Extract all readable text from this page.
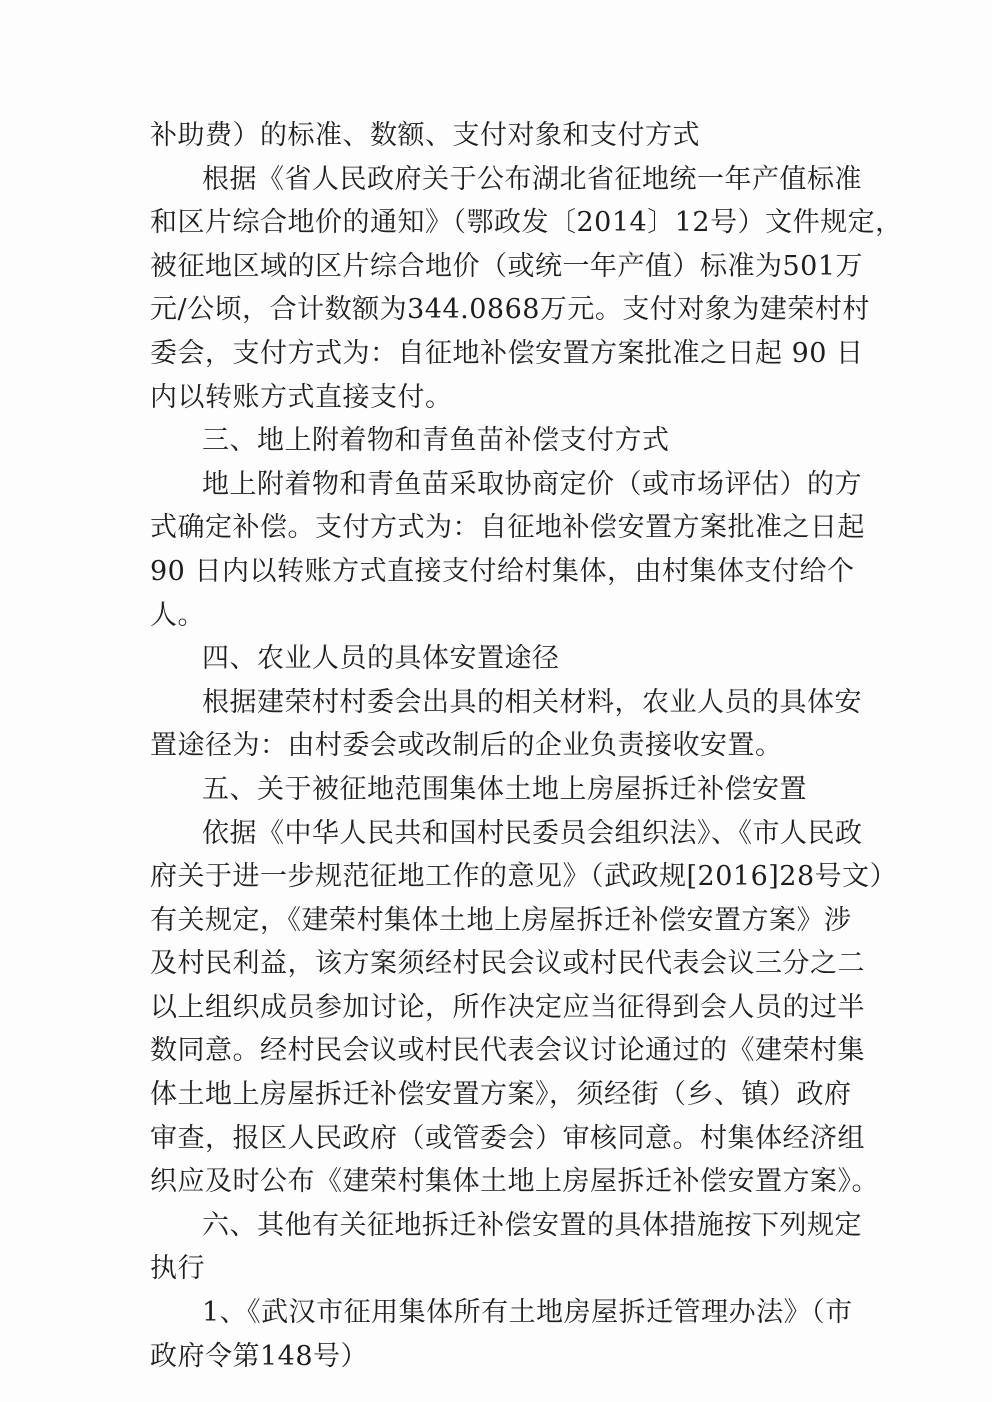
补助费）的标准、数额、支付对象和支付方式
根据《省人民政府关于公布湖北省征地统一年产值标准
和区片综合地价的通知》（鄂政发〔2014〕12号）文件规定，
被征地区域的区片综合地价（或统一年产值）标准为501万
元/公顷，合计数额为344.0868万元。支付对象为建荣村村
委会，支付方式为：自征地补偿安置方案批准之日起 90 日
内以转账方式直接支付。
三、地上附着物和青鱼苗补偿支付方式
地上附着物和青鱼苗采取协商定价（或市场评估）的方
式确定补偿。支付方式为：自征地补偿安置方案批准之日起
90 日内以转账方式直接支付给村集体，由村集体支付给个
人。
四、农业人员的具体安置途径
根据建荣村村委会出具的相关材料，农业人员的具体安
置途径为：由村委会或改制后的企业负责接收安置。
五、关于被征地范围集体土地上房屋拆迁补偿安置
依据《中华人民共和国村民委员会组织法》、《市人民政
府关于进一步规范征地工作的意见》（武政规[2016]28号文）
有关规定，《建荣村集体土地上房屋拆迁补偿安置方案》涉
及村民利益，该方案须经村民会议或村民代表会议三分之二
以上组织成员参加讨论，所作决定应当征得到会人员的过半
数同意。经村民会议或村民代表会议讨论通过的《建荣村集
体土地上房屋拆迁补偿安置方案》，须经街（乡、镇）政府
审查，报区人民政府（或管委会）审核同意。村集体经济组
织应及时公布《建荣村集体土地上房屋拆迁补偿安置方案》。
六、其他有关征地拆迁补偿安置的具体措施按下列规定
执行
1、《武汉市征用集体所有土地房屋拆迁管理办法》（市
政府令第148号）
